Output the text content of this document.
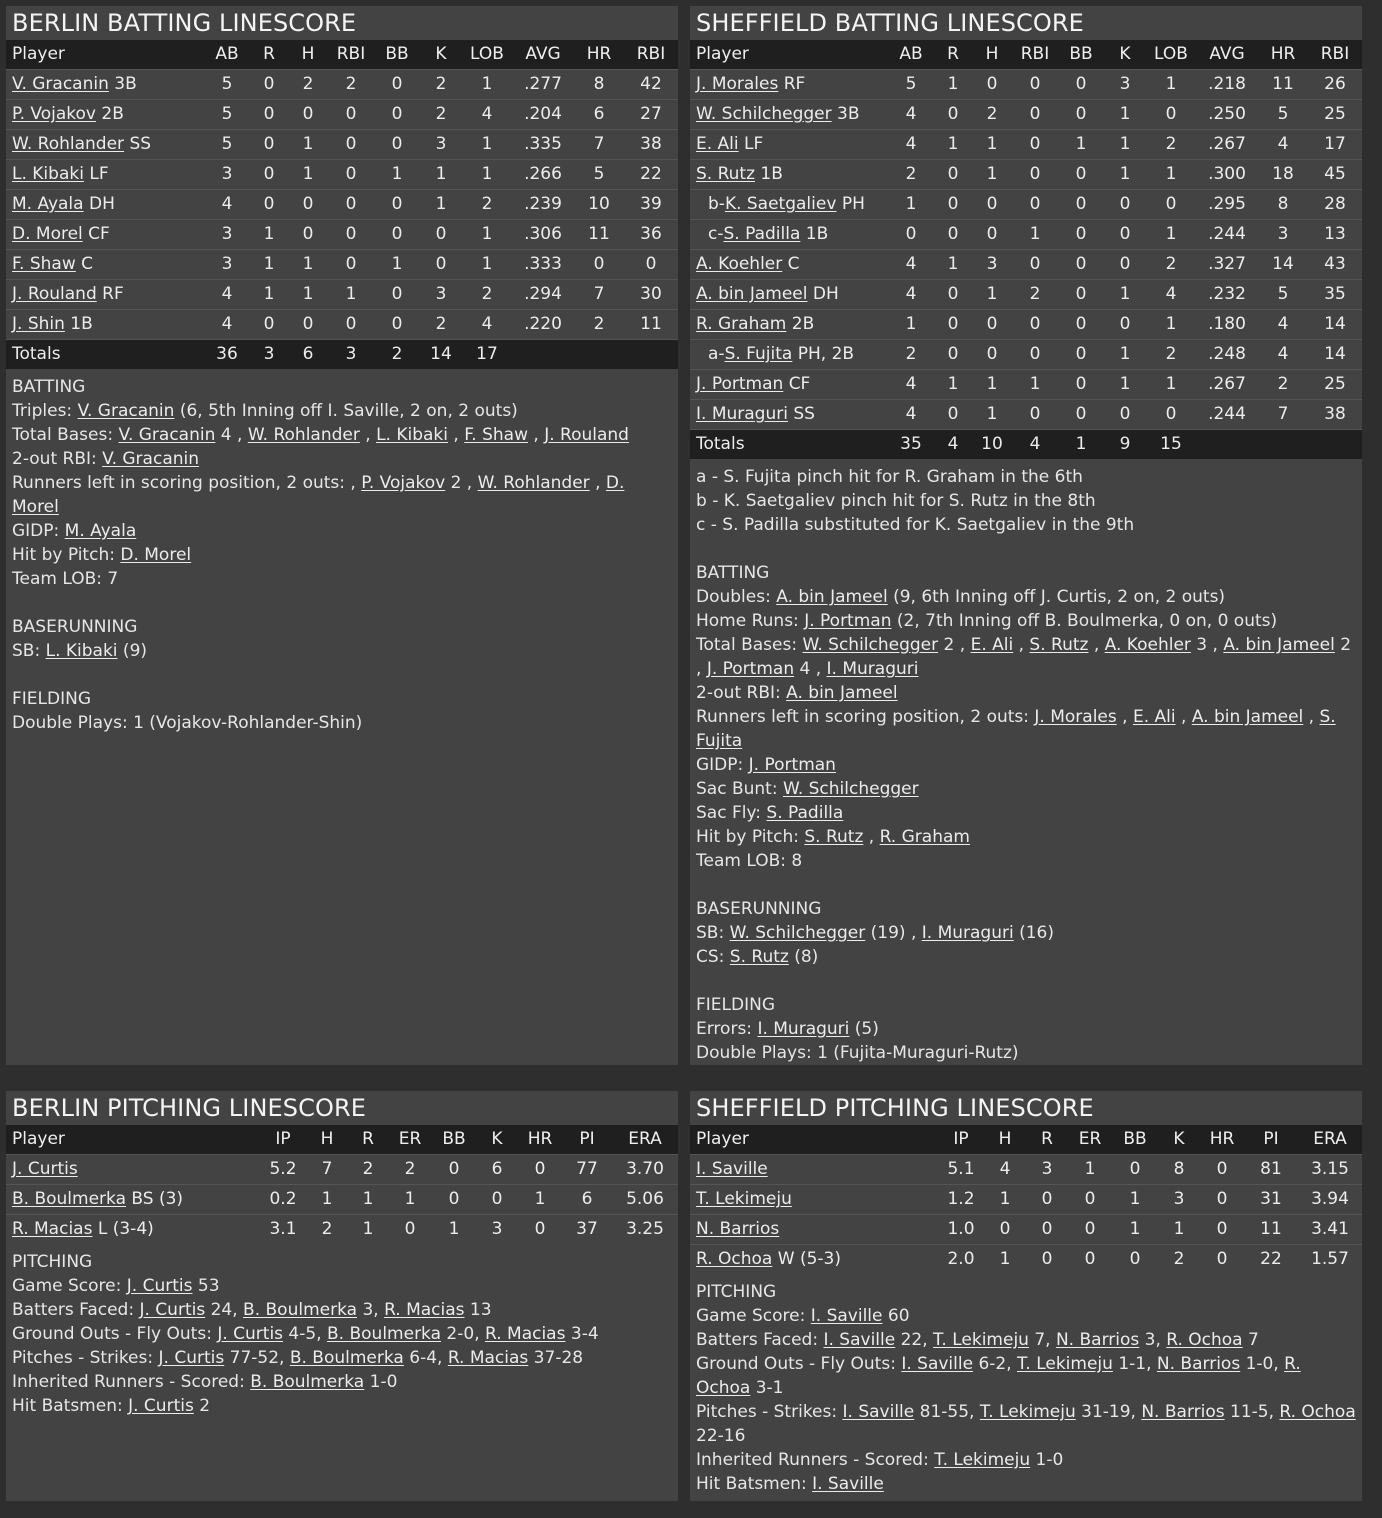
BERLIN BATTING LINESCORE
Player	AB	R	H	RBI	BB	K	LOB	AVG	HR	RBI
V. Gracanin 3B	5	0	2	2	0	2	1	.277	8	42
P. Vojakov 2B	5	0	0	0	0	2	4	.204	6	27
W. Rohlander SS	5	0	1	0	0	3	1	.335	7	38
L. Kibaki LF	3	0	1	0	1	1	1	.266	5	22
M. Ayala DH	4	0	0	0	0	1	2	.239	10	39
D. Morel CF	3	1	0	0	0	0	1	.306	11	36
F. Shaw C	3	1	1	0	1	0	1	.333	0	0
J. Rouland RF	4	1	1	1	0	3	2	.294	7	30
J. Shin 1B	4	0	0	0	0	2	4	.220	2	11
Totals	36	3	6	3	2	14	17			
BATTING
Triples: V. Gracanin (6, 5th Inning off I. Saville, 2 on, 2 outs)
Total Bases: V. Gracanin 4 , W. Rohlander , L. Kibaki , F. Shaw , J. Rouland
2-out RBI: V. Gracanin
Runners left in scoring position, 2 outs: , P. Vojakov 2 , W. Rohlander , D. Morel
GIDP: M. Ayala
Hit by Pitch: D. Morel
Team LOB: 7
BASERUNNING
SB: L. Kibaki (9)
FIELDING
Double Plays: 1 (Vojakov-Rohlander-Shin)
SHEFFIELD BATTING LINESCORE
Player	AB	R	H	RBI	BB	K	LOB	AVG	HR	RBI
J. Morales RF	5	1	0	0	0	3	1	.218	11	26
W. Schilchegger 3B	4	0	2	0	0	1	0	.250	5	25
E. Ali LF	4	1	1	0	1	1	2	.267	4	17
S. Rutz 1B	2	0	1	0	0	1	1	.300	18	45
b-K. Saetgaliev PH	1	0	0	0	0	0	0	.295	8	28
c-S. Padilla 1B	0	0	0	1	0	0	1	.244	3	13
A. Koehler C	4	1	3	0	0	0	2	.327	14	43
A. bin Jameel DH	4	0	1	2	0	1	4	.232	5	35
R. Graham 2B	1	0	0	0	0	0	1	.180	4	14
a-S. Fujita PH, 2B	2	0	0	0	0	1	2	.248	4	14
J. Portman CF	4	1	1	1	0	1	1	.267	2	25
I. Muraguri SS	4	0	1	0	0	0	0	.244	7	38
Totals	35	4	10	4	1	9	15			
a - S. Fujita pinch hit for R. Graham in the 6th
b - K. Saetgaliev pinch hit for S. Rutz in the 8th
c - S. Padilla substituted for K. Saetgaliev in the 9th
BATTING
Doubles: A. bin Jameel (9, 6th Inning off J. Curtis, 2 on, 2 outs)
Home Runs: J. Portman (2, 7th Inning off B. Boulmerka, 0 on, 0 outs)
Total Bases: W. Schilchegger 2 , E. Ali , S. Rutz , A. Koehler 3 , A. bin Jameel 2 , J. Portman 4 , I. Muraguri
2-out RBI: A. bin Jameel
Runners left in scoring position, 2 outs: J. Morales , E. Ali , A. bin Jameel , S. Fujita
GIDP: J. Portman
Sac Bunt: W. Schilchegger
Sac Fly: S. Padilla
Hit by Pitch: S. Rutz , R. Graham
Team LOB: 8
BASERUNNING
SB: W. Schilchegger (19) , I. Muraguri (16)
CS: S. Rutz (8)
FIELDING
Errors: I. Muraguri (5)
Double Plays: 1 (Fujita-Muraguri-Rutz)
BERLIN PITCHING LINESCORE
Player	IP	H	R	ER	BB	K	HR	PI	ERA
J. Curtis	5.2	7	2	2	0	6	0	77	3.70
B. Boulmerka BS (3)	0.2	1	1	1	0	0	1	6	5.06
R. Macias L (3-4)	3.1	2	1	0	1	3	0	37	3.25
PITCHING
Game Score: J. Curtis 53
Batters Faced: J. Curtis 24, B. Boulmerka 3, R. Macias 13
Ground Outs - Fly Outs: J. Curtis 4-5, B. Boulmerka 2-0, R. Macias 3-4
Pitches - Strikes: J. Curtis 77-52, B. Boulmerka 6-4, R. Macias 37-28
Inherited Runners - Scored: B. Boulmerka 1-0
Hit Batsmen: J. Curtis 2
SHEFFIELD PITCHING LINESCORE
Player	IP	H	R	ER	BB	K	HR	PI	ERA
I. Saville	5.1	4	3	1	0	8	0	81	3.15
T. Lekimeju	1.2	1	0	0	1	3	0	31	3.94
N. Barrios	1.0	0	0	0	1	1	0	11	3.41
R. Ochoa W (5-3)	2.0	1	0	0	0	2	0	22	1.57
PITCHING
Game Score: I. Saville 60
Batters Faced: I. Saville 22, T. Lekimeju 7, N. Barrios 3, R. Ochoa 7
Ground Outs - Fly Outs: I. Saville 6-2, T. Lekimeju 1-1, N. Barrios 1-0, R. Ochoa 3-1
Pitches - Strikes: I. Saville 81-55, T. Lekimeju 31-19, N. Barrios 11-5, R. Ochoa 22-16
Inherited Runners - Scored: T. Lekimeju 1-0
Hit Batsmen: I. Saville
